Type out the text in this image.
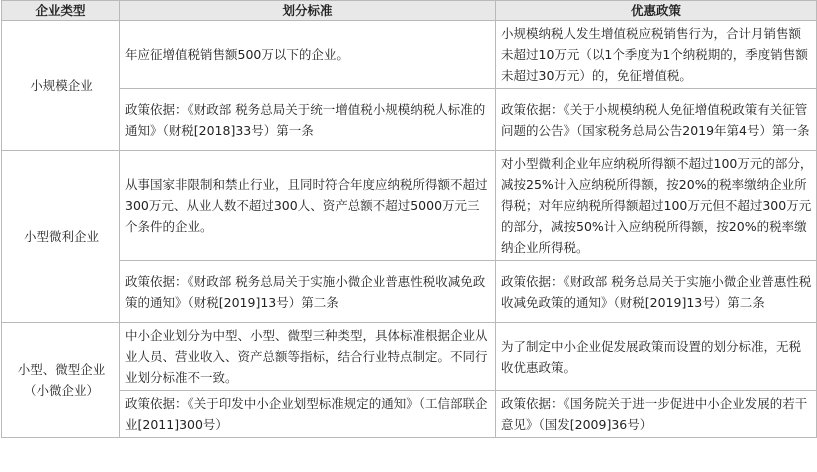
企业类型	划分标准	优惠政策
小规模企业	年应征增值税销售额500万以下的企业。	小规模纳税人发生增值税应税销售行为，合计月销售额未超过10万元（以1个季度为1个纳税期的，季度销售额未超过30万元）的，免征增值税。
	政策依据：《财政部 税务总局关于统一增值税小规模纳税人标准的通知》（财税[2018]33号）第一条	政策依据：《关于小规模纳税人免征增值税政策有关征管问题的公告》（国家税务总局公告2019年第4号）第一条
小型微利企业	从事国家非限制和禁止行业，且同时符合年度应纳税所得额不超过300万元、从业人数不超过300人、资产总额不超过5000万元三个条件的企业。	对小型微利企业年应纳税所得额不超过100万元的部分，减按25%计入应纳税所得额，按20%的税率缴纳企业所得税；对年应纳税所得额超过100万元但不超过300万元的部分，减按50%计入应纳税所得额，按20%的税率缴纳企业所得税。
	政策依据：《财政部 税务总局关于实施小微企业普惠性税收减免政策的通知》（财税[2019]13号）第二条	政策依据：《财政部 税务总局关于实施小微企业普惠性税收减免政策的通知》（财税[2019]13号）第二条
小型、微型企业（小微企业）	中小企业划分为中型、小型、微型三种类型，具体标准根据企业从业人员、营业收入、资产总额等指标，结合行业特点制定。不同行业划分标准不一致。	为了制定中小企业促发展政策而设置的划分标准，无税收优惠政策。
	政策依据：《关于印发中小企业划型标准规定的通知》（工信部联企业[2011]300号）	政策依据：《国务院关于进一步促进中小企业发展的若干意见》（国发[2009]36号）
